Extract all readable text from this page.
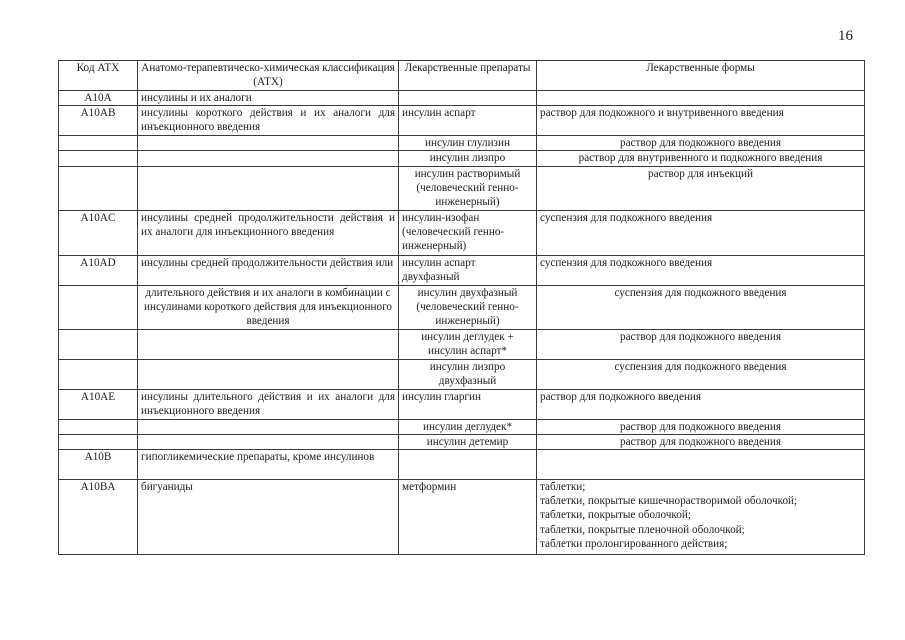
16
Код АТХ	Анатомо-терапевтическо-химическая классификация (АТХ)	Лекарственные препараты	Лекарственные формы
A10A	инсулины и их аналоги		
A10AB	инсулины короткого действия и их аналоги для инъекционного введения	инсулин аспарт	раствор для подкожного и внутривенного введения
		инсулин глулизин	раствор для подкожного введения
		инсулин лизпро	раствор для внутривенного и подкожного введения
		инсулин растворимый (человеческий генно-инженерный)	раствор для инъекций
A10AC	инсулины средней продолжительности действия и их аналоги для инъекционного введения	инсулин-изофан (человеческий генно-инженерный)	суспензия для подкожного введения
A10AD	инсулины средней продолжительности действия или	инсулин аспарт двухфазный	суспензия для подкожного введения
	длительного действия и их аналоги в комбинации с инсулинами короткого действия для инъекционного введения	инсулин двухфазный (человеческий генно-инженерный)	суспензия для подкожного введения
		инсулин деглудек + инсулин аспарт*	раствор для подкожного введения
		инсулин лизпро двухфазный	суспензия для подкожного введения
A10AE	инсулины длительного действия и их аналоги для инъекционного введения	инсулин гларгин	раствор для подкожного введения
		инсулин деглудек*	раствор для подкожного введения
		инсулин детемир	раствор для подкожного введения
A10B	гипогликемические препараты, кроме инсулинов		
A10BA	бигуаниды	метформин	таблетки;
таблетки, покрытые кишечнорастворимой оболочкой;
таблетки, покрытые оболочкой;
таблетки, покрытые пленочной оболочкой;
таблетки пролонгированного действия;
